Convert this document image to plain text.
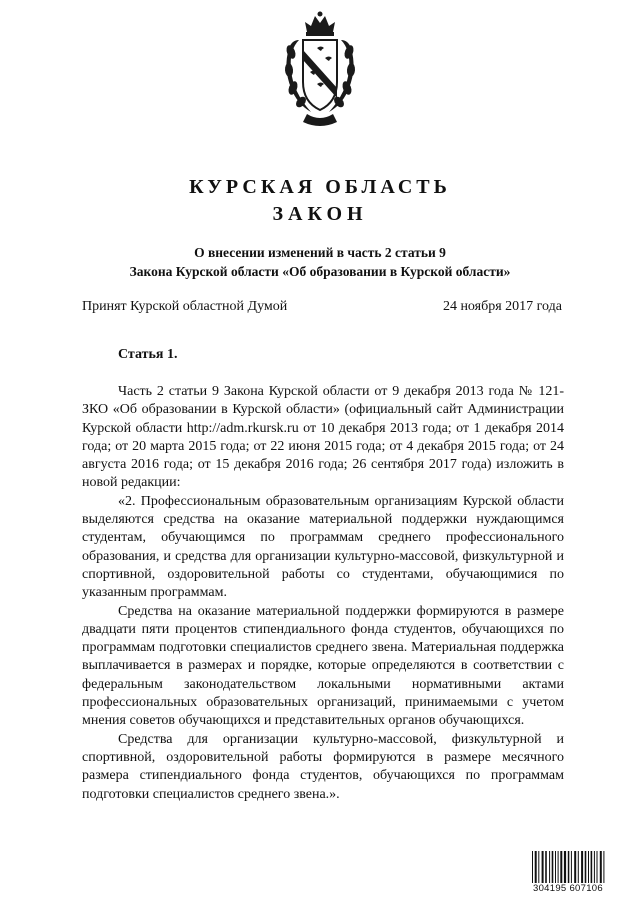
КУРСКАЯ ОБЛАСТЬ
ЗАКОН
О внесении изменений в часть 2 статьи 9
Закона Курской области «Об образовании в Курской области»
Принят Курской областной Думой	24 ноября 2017 года
Статья 1.

Часть 2 статьи 9 Закона Курской области от 9 декабря 2013 года № 121-ЗКО «Об образовании в Курской области» (официальный сайт Администрации Курской области http://adm.rkursk.ru от 10 декабря 2013 года; от 1 декабря 2014 года; от 20 марта 2015 года; от 22 июня 2015 года; от 4 декабря 2015 года; от 24 августа 2016 года; от 15 декабря 2016 года; 26 сентября 2017 года) изложить в новой редакции:

«2. Профессиональным образовательным организациям Курской области выделяются средства на оказание материальной поддержки нуждающимся студентам, обучающимся по программам среднего профессионального образования, и средства для организации культурно-массовой, физкультурной и спортивной, оздоровительной работы со студентами, обучающимися по указанным программам.

Средства на оказание материальной поддержки формируются в размере двадцати пяти процентов стипендиального фонда студентов, обучающихся по программам подготовки специалистов среднего звена. Материальная поддержка выплачивается в размерах и порядке, которые определяются в соответствии с федеральным законодательством локальными нормативными актами профессиональных образовательных организаций, принимаемыми с учетом мнения советов обучающихся и представительных органов обучающихся.

Средства для организации культурно-массовой, физкультурной и спортивной, оздоровительной работы формируются в размере месячного размера стипендиального фонда студентов, обучающихся по программам подготовки специалистов среднего звена.».

304195 607106
